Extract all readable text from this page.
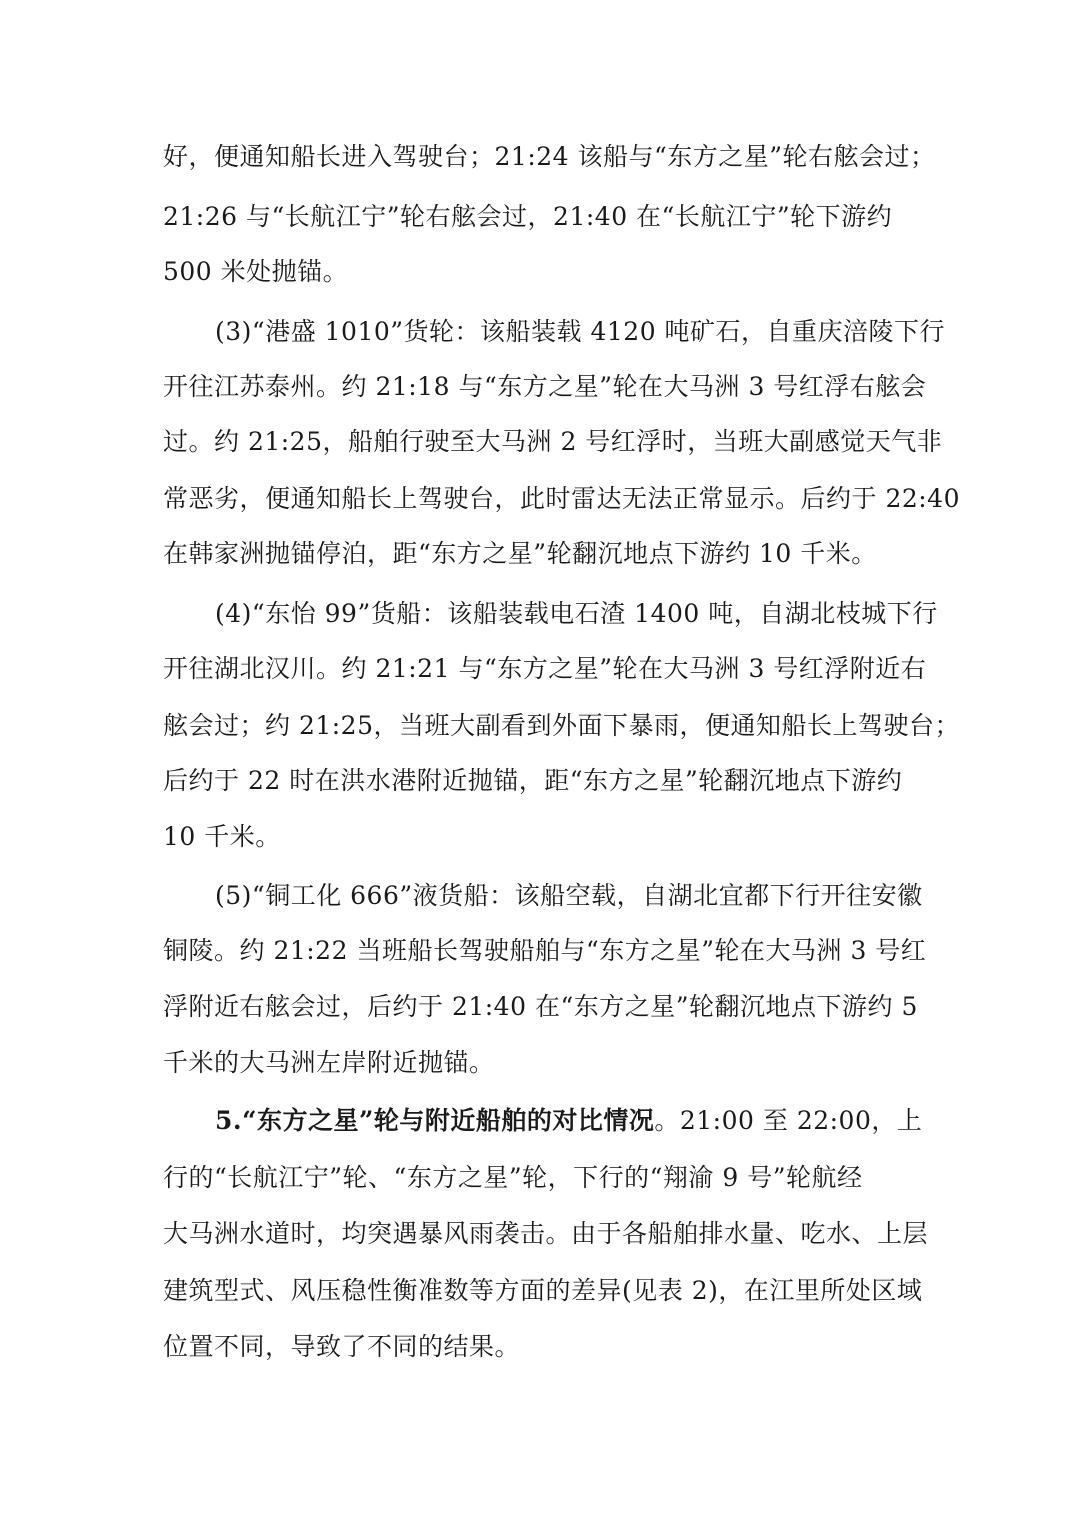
好，便通知船长进入驾驶台；21:24 该船与“东方之星”轮右舷会过；
21:26 与“长航江宁”轮右舷会过，21:40 在“长航江宁”轮下游约
500 米处抛锚。
(3)“港盛 1010”货轮：该船装载 4120 吨矿石，自重庆涪陵下行
开往江苏泰州。约 21:18 与“东方之星”轮在大马洲 3 号红浮右舷会
过。约 21:25，船舶行驶至大马洲 2 号红浮时，当班大副感觉天气非
常恶劣，便通知船长上驾驶台，此时雷达无法正常显示。后约于 22:40
在韩家洲抛锚停泊，距“东方之星”轮翻沉地点下游约 10 千米。
(4)“东怡 99”货船：该船装载电石渣 1400 吨，自湖北枝城下行
开往湖北汉川。约 21:21 与“东方之星”轮在大马洲 3 号红浮附近右
舷会过；约 21:25，当班大副看到外面下暴雨，便通知船长上驾驶台；
后约于 22 时在洪水港附近抛锚，距“东方之星”轮翻沉地点下游约
10 千米。
(5)“铜工化 666”液货船：该船空载，自湖北宜都下行开往安徽
铜陵。约 21:22 当班船长驾驶船舶与“东方之星”轮在大马洲 3 号红
浮附近右舷会过，后约于 21:40 在“东方之星”轮翻沉地点下游约 5
千米的大马洲左岸附近抛锚。
5.“东方之星”轮与附近船舶的对比情况。21:00 至 22:00，上
行的“长航江宁”轮、“东方之星”轮，下行的“翔渝 9 号”轮航经
大马洲水道时，均突遇暴风雨袭击。由于各船舶排水量、吃水、上层
建筑型式、风压稳性衡准数等方面的差异(见表 2)，在江里所处区域
位置不同，导致了不同的结果。
